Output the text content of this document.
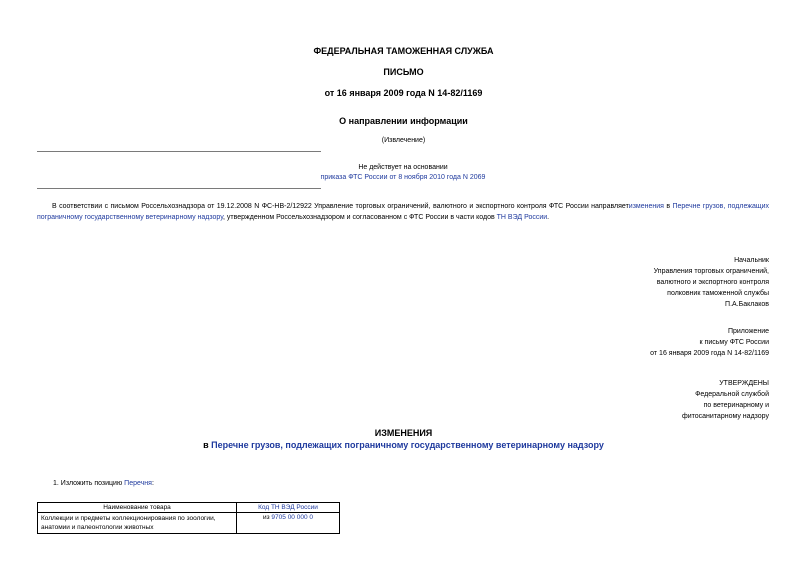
ФЕДЕРАЛЬНАЯ ТАМОЖЕННАЯ СЛУЖБА
ПИСЬМО
от 16 января 2009 года N 14-82/1169
О направлении информации
(Извлечение)
Не действует на основании
приказа ФТС России от 8 ноября 2010 года N 2069
В соответствии с письмом Россельхознадзора от 19.12.2008 N ФС-НВ-2/12922 Управление торговых ограничений, валютного и экспортного контроля ФТС России направляетизменения в Перечне грузов, подлежащих пограничному государственному ветеринарному надзору, утвержденном Россельхознадзором и согласованном с ФТС России в части кодов ТН ВЭД России.
Начальник
Управления торговых ограничений,
валютного и экспортного контроля
полковник таможенной службы
П.А.Баклаков
Приложение
к письму ФТС России
от 16 января 2009 года N 14-82/1169
УТВЕРЖДЕНЫ
Федеральной службой
по ветеринарному и
фитосанитарному надзору
ИЗМЕНЕНИЯ
в Перечне грузов, подлежащих пограничному государственному ветеринарному надзору
1. Изложить позицию Перечня:
Наименование товара	Код ТН ВЭД России
Коллекции и предметы коллекционирования по зоологии, анатомии и палеонтологии животных	из 9705 00 000 0
